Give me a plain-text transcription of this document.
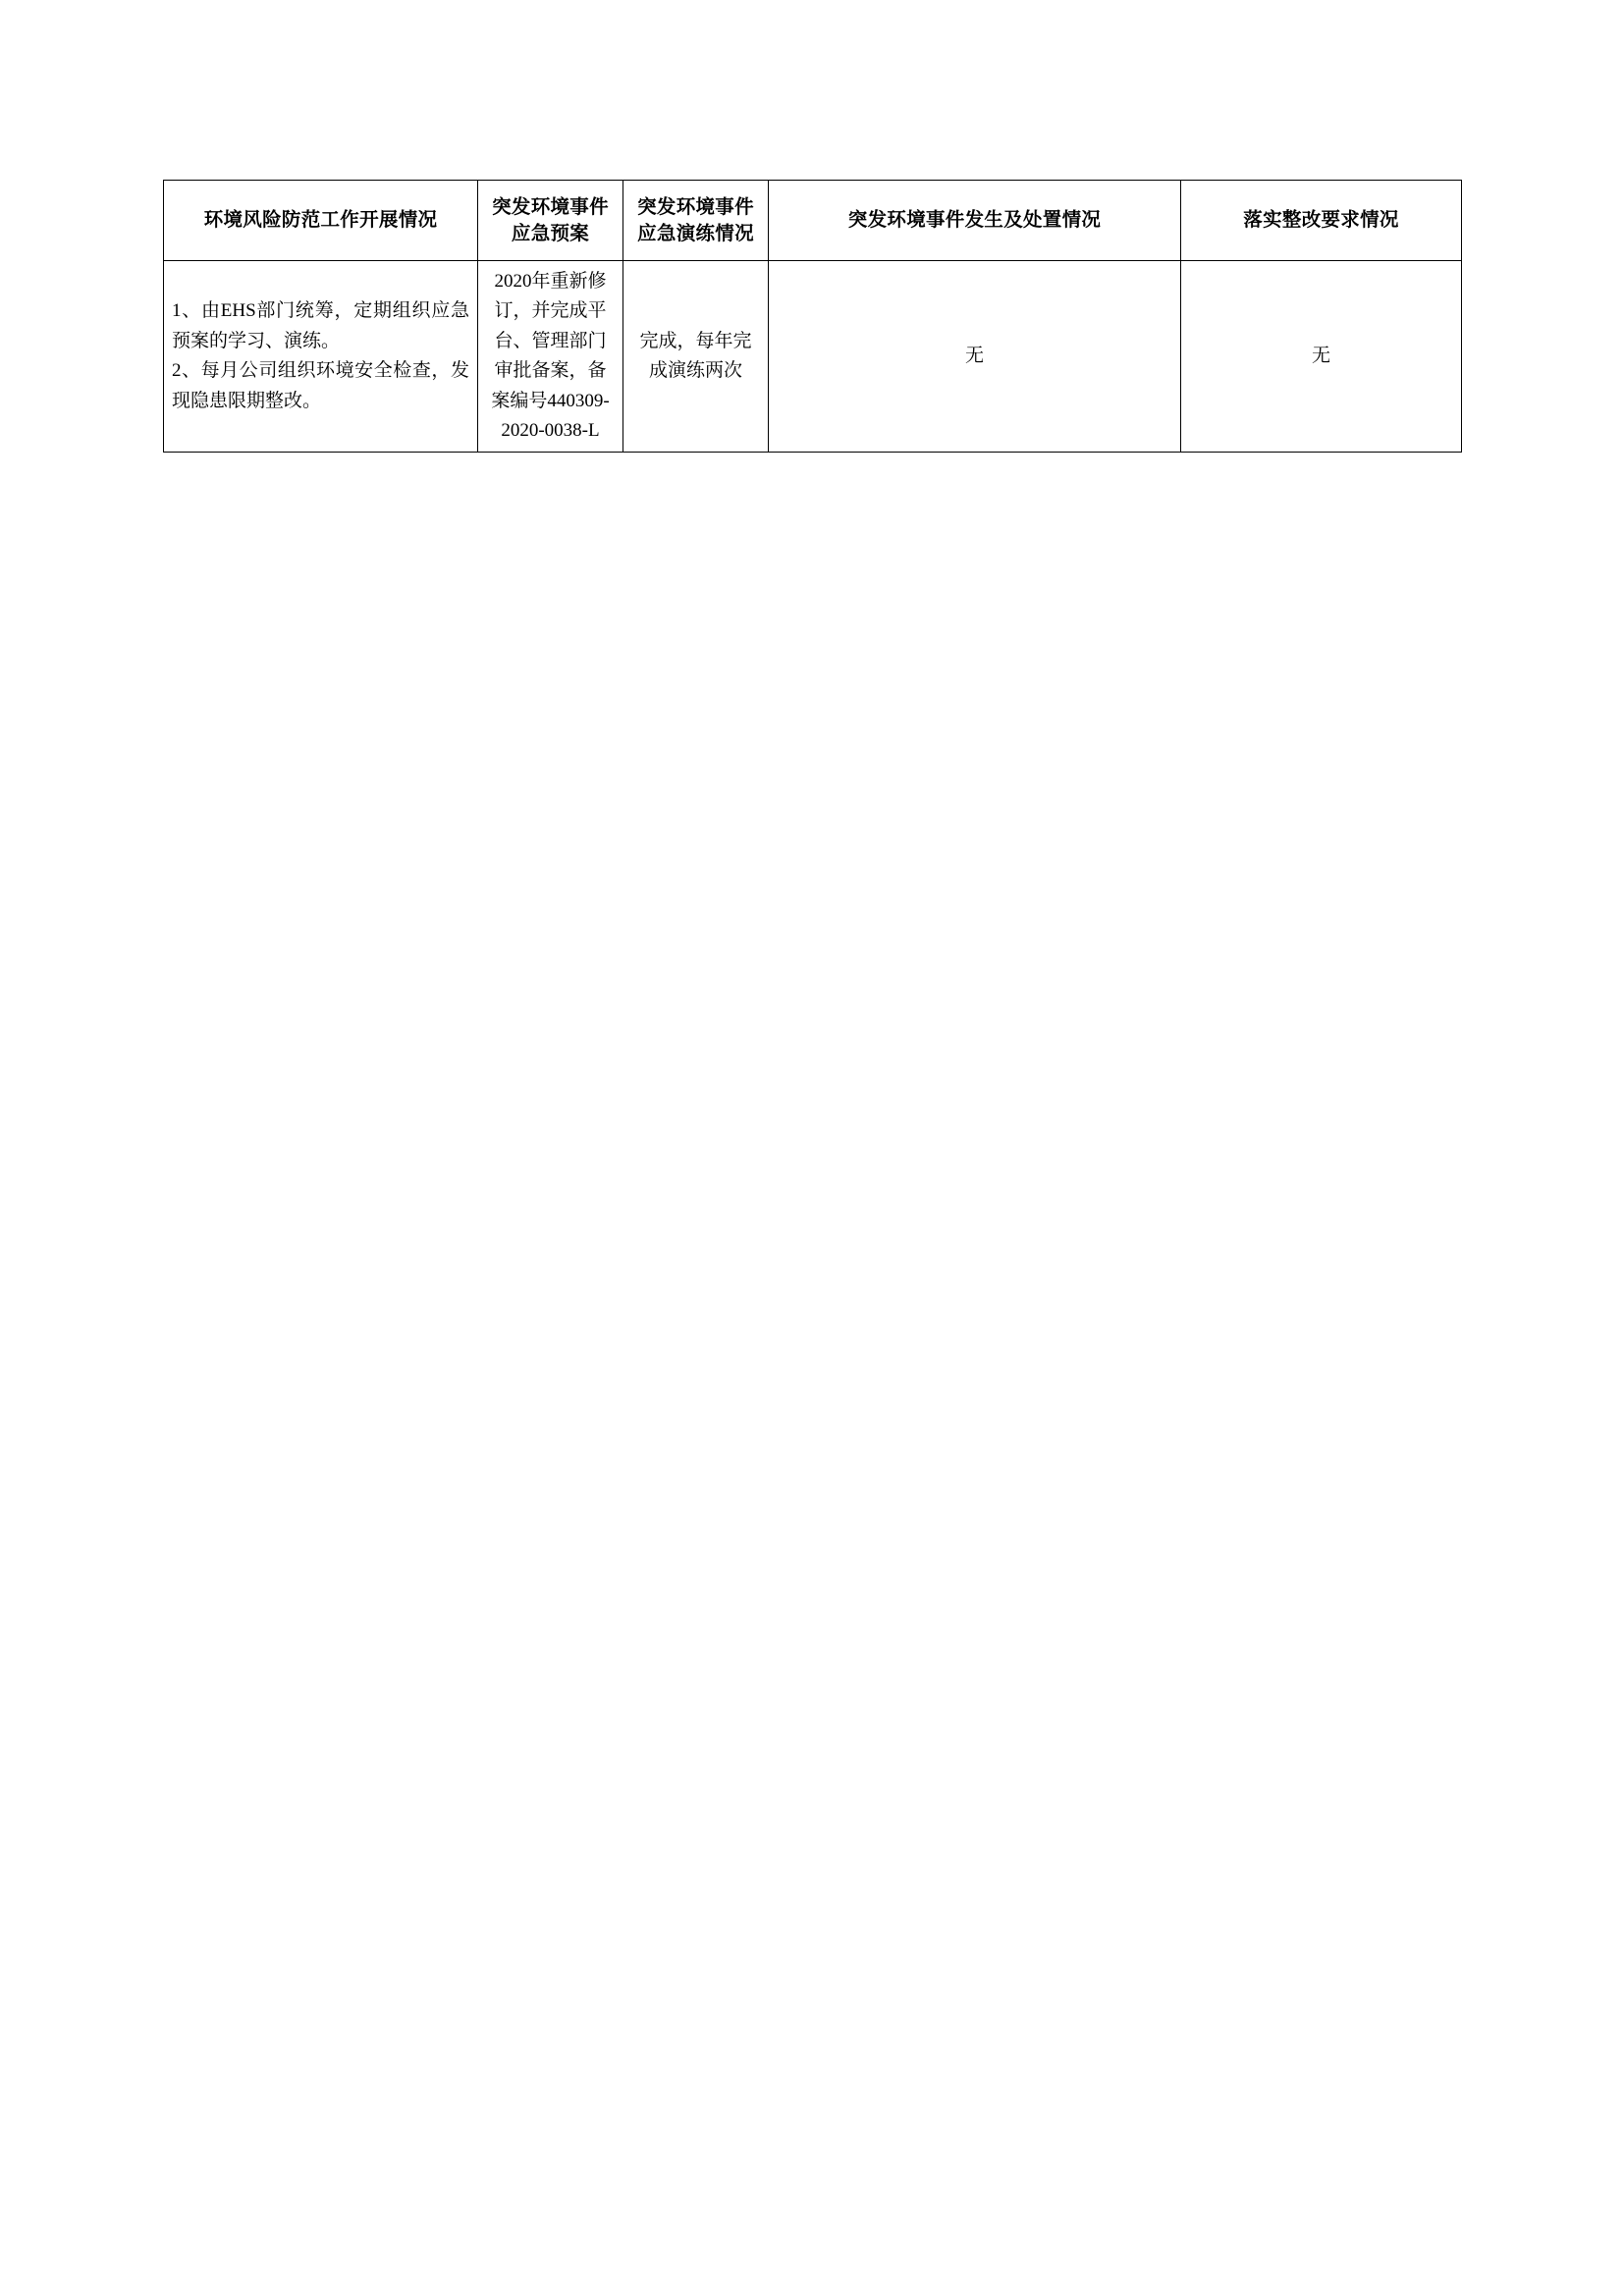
环境风险防范工作开展情况	突发环境事件应急预案	突发环境事件应急演练情况	突发环境事件发生及处置情况	落实整改要求情况

1、由EHS部门统筹，定期组织应急预案的学习、演练。

2、每月公司组织环境安全检查，发现隐患限期整改。	2020年重新修订，并完成平台、管理部门审批备案，备案编号440309-2020-0038-L	完成，每年完成演练两次	无	无
